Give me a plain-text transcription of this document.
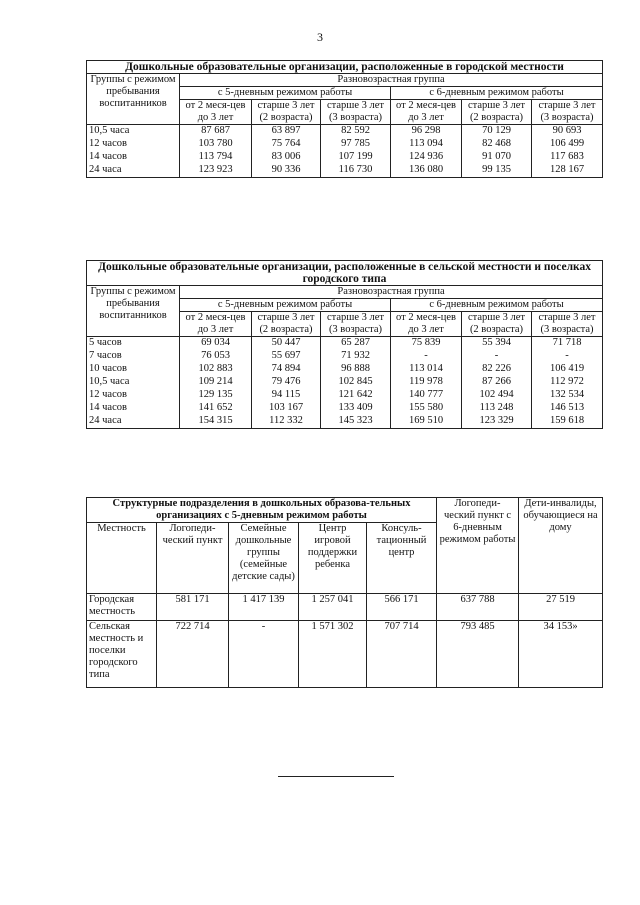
3
Дошкольные образовательные организации, расположенные в городской местности						
Группы с режимом пребывания воспитанников	Разновозрастная группа					
	с 5-дневным режимом работы			с 6-дневным режимом работы		
	от 2 меся-цев до 3 лет	старше 3 лет (2 возраста)	старше 3 лет (3 возраста)	от 2 меся-цев до 3 лет	старше 3 лет (2 возраста)	старше 3 лет (3 возраста)
10,5 часа	87 687	63 897	82 592	96 298	70 129	90 693
12 часов	103 780	75 764	97 785	113 094	82 468	106 499
14 часов	113 794	83 006	107 199	124 936	91 070	117 683
24 часа	123 923	90 336	116 730	136 080	99 135	128 167
Дошкольные образовательные организации, расположенные в сельской местности и поселках городского типа						
Группы с режимом пребывания воспитанников	Разновозрастная группа					
	с 5-дневным режимом работы			с 6-дневным режимом работы		
	от 2 меся-цев до 3 лет	старше 3 лет (2 возраста)	старше 3 лет (3 возраста)	от 2 меся-цев до 3 лет	старше 3 лет (2 возраста)	старше 3 лет (3 возраста)
5 часов	69 034	50 447	65 287	75 839	55 394	71 718
7 часов	76 053	55 697	71 932	-	-	-
10 часов	102 883	74 894	96 888	113 014	82 226	106 419
10,5 часа	109 214	79 476	102 845	119 978	87 266	112 972
12 часов	129 135	94 115	121 642	140 777	102 494	132 534
14 часов	141 652	103 167	133 409	155 580	113 248	146 513
24 часа	154 315	112 332	145 323	169 510	123 329	159 618
Структурные подразделения в дошкольных образова-тельных организациях с 5-дневным режимом работы					Логопеди-ческий пункт с 6-дневным режимом работы	Дети-инвалиды, обучающиеся на дому
Местность	Логопеди-ческий пункт	Семейные дошкольные группы (семейные детские сады)	Центр игровой поддержки ребенка	Консуль-тационный центр		
Городская местность	581 171	1 417 139	1 257 041	566 171	637 788	27 519
Сельская местность и поселки городского типа	722 714	-	1 571 302	707 714	793 485	34 153»
